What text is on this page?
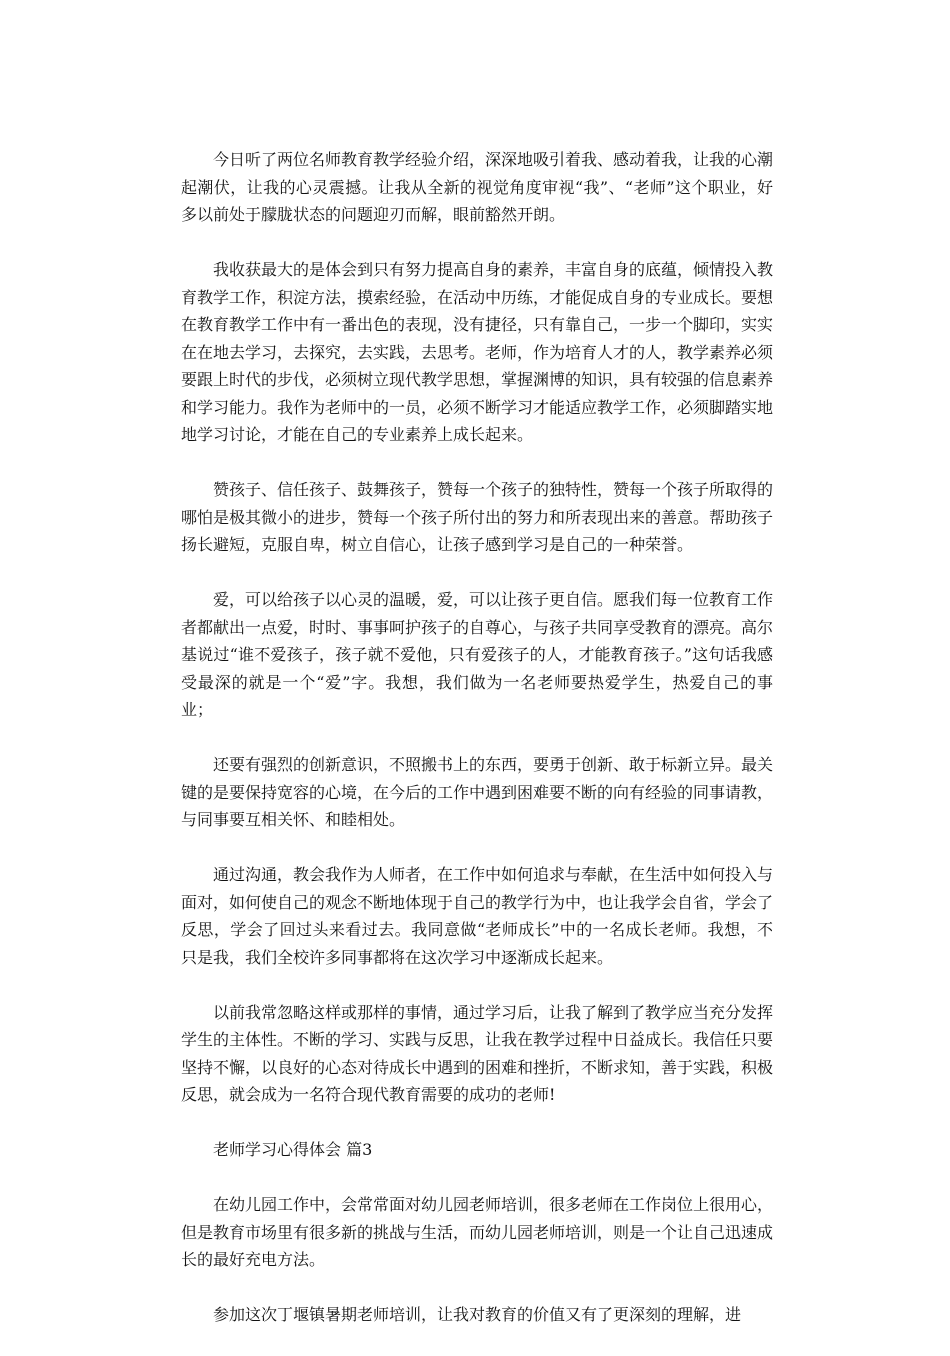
今日听了两位名师教育教学经验介绍，深深地吸引着我、感动着我，让我的心潮起潮伏，让我的心灵震撼。让我从全新的视觉角度审视“我”、“老师”这个职业，好多以前处于朦胧状态的问题迎刃而解，眼前豁然开朗。

我收获最大的是体会到只有努力提高自身的素养，丰富自身的底蕴，倾情投入教育教学工作，积淀方法，摸索经验，在活动中历练，才能促成自身的专业成长。要想在教育教学工作中有一番出色的表现，没有捷径，只有靠自己，一步一个脚印，实实在在地去学习，去探究，去实践，去思考。老师，作为培育人才的人，教学素养必须要跟上时代的步伐，必须树立现代教学思想，掌握渊博的知识，具有较强的信息素养和学习能力。我作为老师中的一员，必须不断学习才能适应教学工作，必须脚踏实地地学习讨论，才能在自己的专业素养上成长起来。

赞孩子、信任孩子、鼓舞孩子，赞每一个孩子的独特性，赞每一个孩子所取得的哪怕是极其微小的进步，赞每一个孩子所付出的努力和所表现出来的善意。帮助孩子扬长避短，克服自卑，树立自信心，让孩子感到学习是自己的一种荣誉。

爱，可以给孩子以心灵的温暖，爱，可以让孩子更自信。愿我们每一位教育工作者都献出一点爱，时时、事事呵护孩子的自尊心，与孩子共同享受教育的漂亮。高尔基说过“谁不爱孩子，孩子就不爱他，只有爱孩子的人，才能教育孩子。”这句话我感受最深的就是一个“爱”字。我想，我们做为一名老师要热爱学生，热爱自己的事业；

还要有强烈的创新意识，不照搬书上的东西，要勇于创新、敢于标新立异。最关键的是要保持宽容的心境，在今后的工作中遇到困难要不断的向有经验的同事请教，与同事要互相关怀、和睦相处。

通过沟通，教会我作为人师者，在工作中如何追求与奉献，在生活中如何投入与面对，如何使自己的观念不断地体现于自己的教学行为中，也让我学会自省，学会了反思，学会了回过头来看过去。我同意做“老师成长”中的一名成长老师。我想，不只是我，我们全校许多同事都将在这次学习中逐渐成长起来。

以前我常忽略这样或那样的事情，通过学习后，让我了解到了教学应当充分发挥学生的主体性。不断的学习、实践与反思，让我在教学过程中日益成长。我信任只要坚持不懈，以良好的心态对待成长中遇到的困难和挫折，不断求知，善于实践，积极反思，就会成为一名符合现代教育需要的成功的老师!

老师学习心得体会 篇3

在幼儿园工作中，会常常面对幼儿园老师培训，很多老师在工作岗位上很用心，但是教育市场里有很多新的挑战与生活，而幼儿园老师培训，则是一个让自己迅速成长的最好充电方法。

参加这次丁堰镇暑期老师培训，让我对教育的价值又有了更深刻的理解，进
